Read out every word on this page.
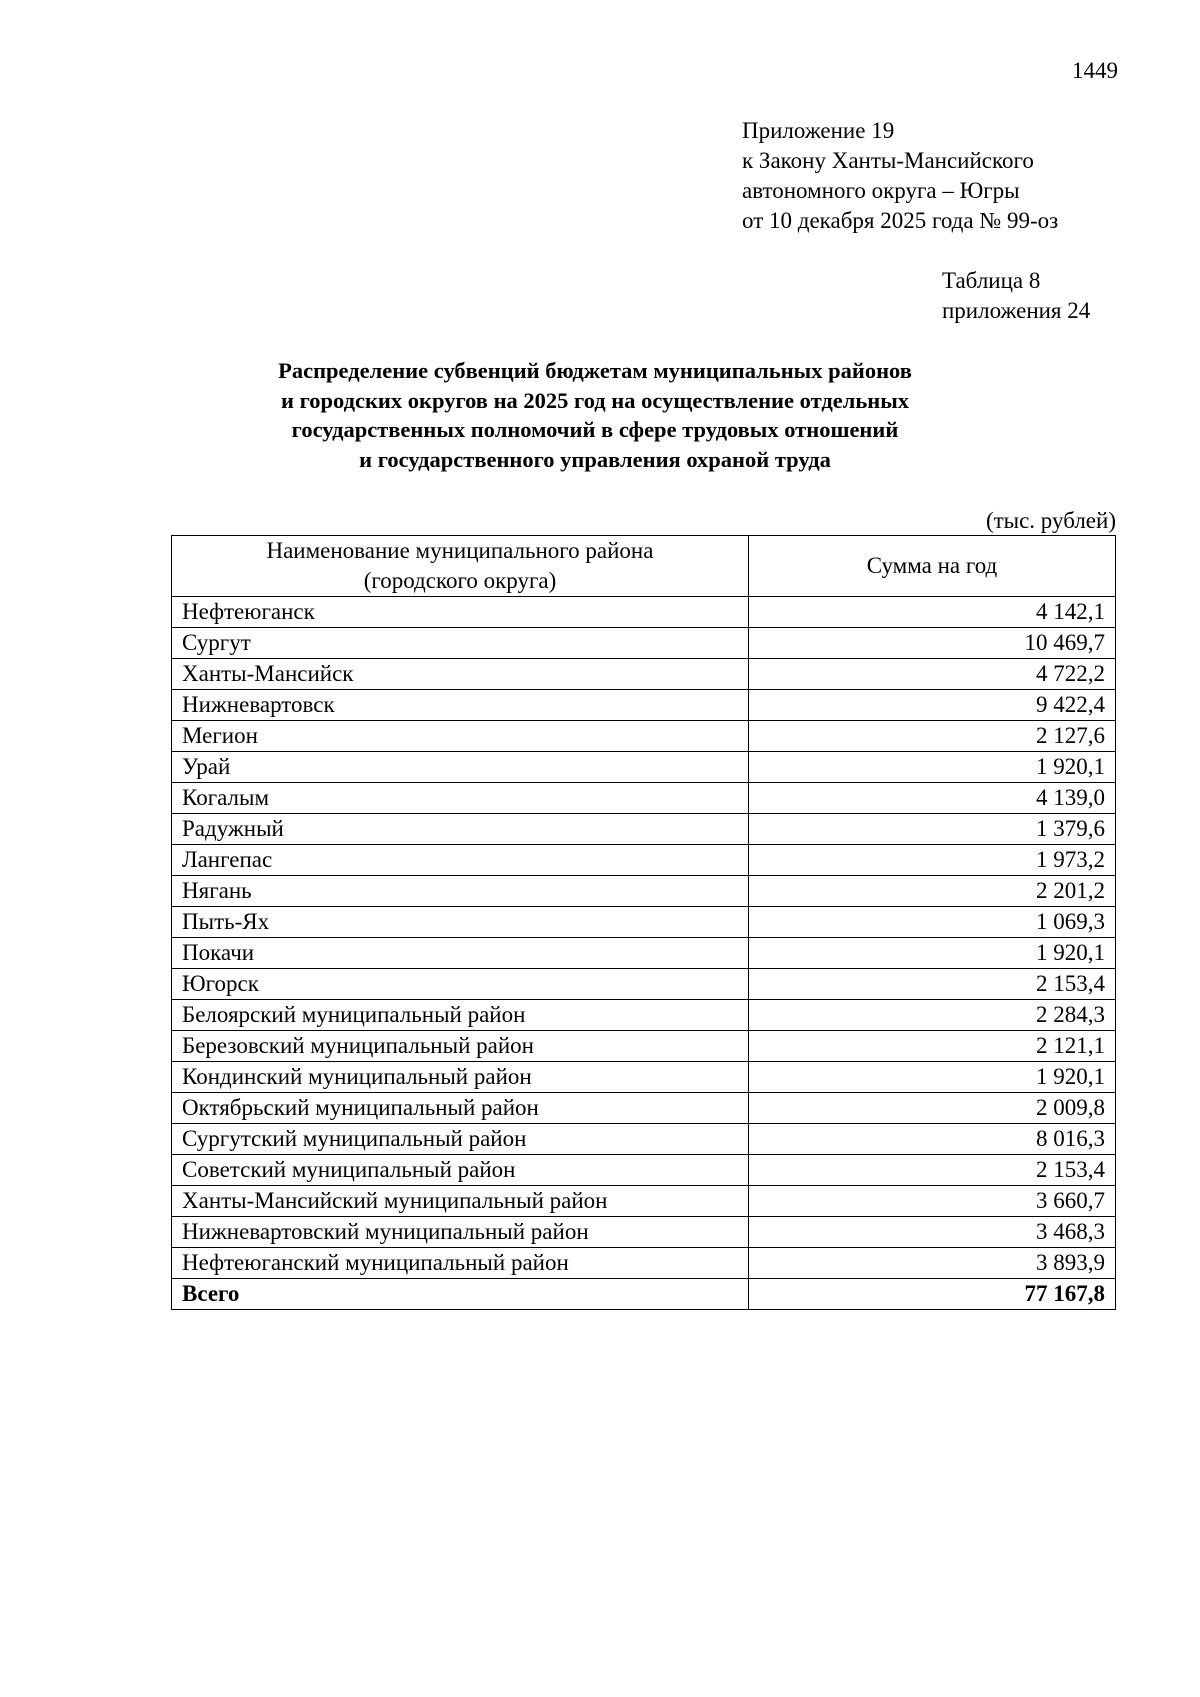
1449
Приложение 19
к Закону Ханты-Мансийского
автономного округа – Югры
от 10 декабря 2025 года № 99-оз
Таблица 8
приложения 24
Распределение субвенций бюджетам муниципальных районов
и городских округов на 2025 год на осуществление отдельных
государственных полномочий в сфере трудовых отношений
и государственного управления охраной труда
(тыс. рублей)
Наименование муниципального района
(городского округа)	Сумма на год
Нефтеюганск	4 142,1
Сургут	10 469,7
Ханты-Мансийск	4 722,2
Нижневартовск	9 422,4
Мегион	2 127,6
Урай	1 920,1
Когалым	4 139,0
Радужный	1 379,6
Лангепас	1 973,2
Нягань	2 201,2
Пыть-Ях	1 069,3
Покачи	1 920,1
Югорск	2 153,4
Белоярский муниципальный район	2 284,3
Березовский муниципальный район	2 121,1
Кондинский муниципальный район	1 920,1
Октябрьский муниципальный район	2 009,8
Сургутский муниципальный район	8 016,3
Советский муниципальный район	2 153,4
Ханты-Мансийский муниципальный район	3 660,7
Нижневартовский муниципальный район	3 468,3
Нефтеюганский муниципальный район	3 893,9
Всего	77 167,8
